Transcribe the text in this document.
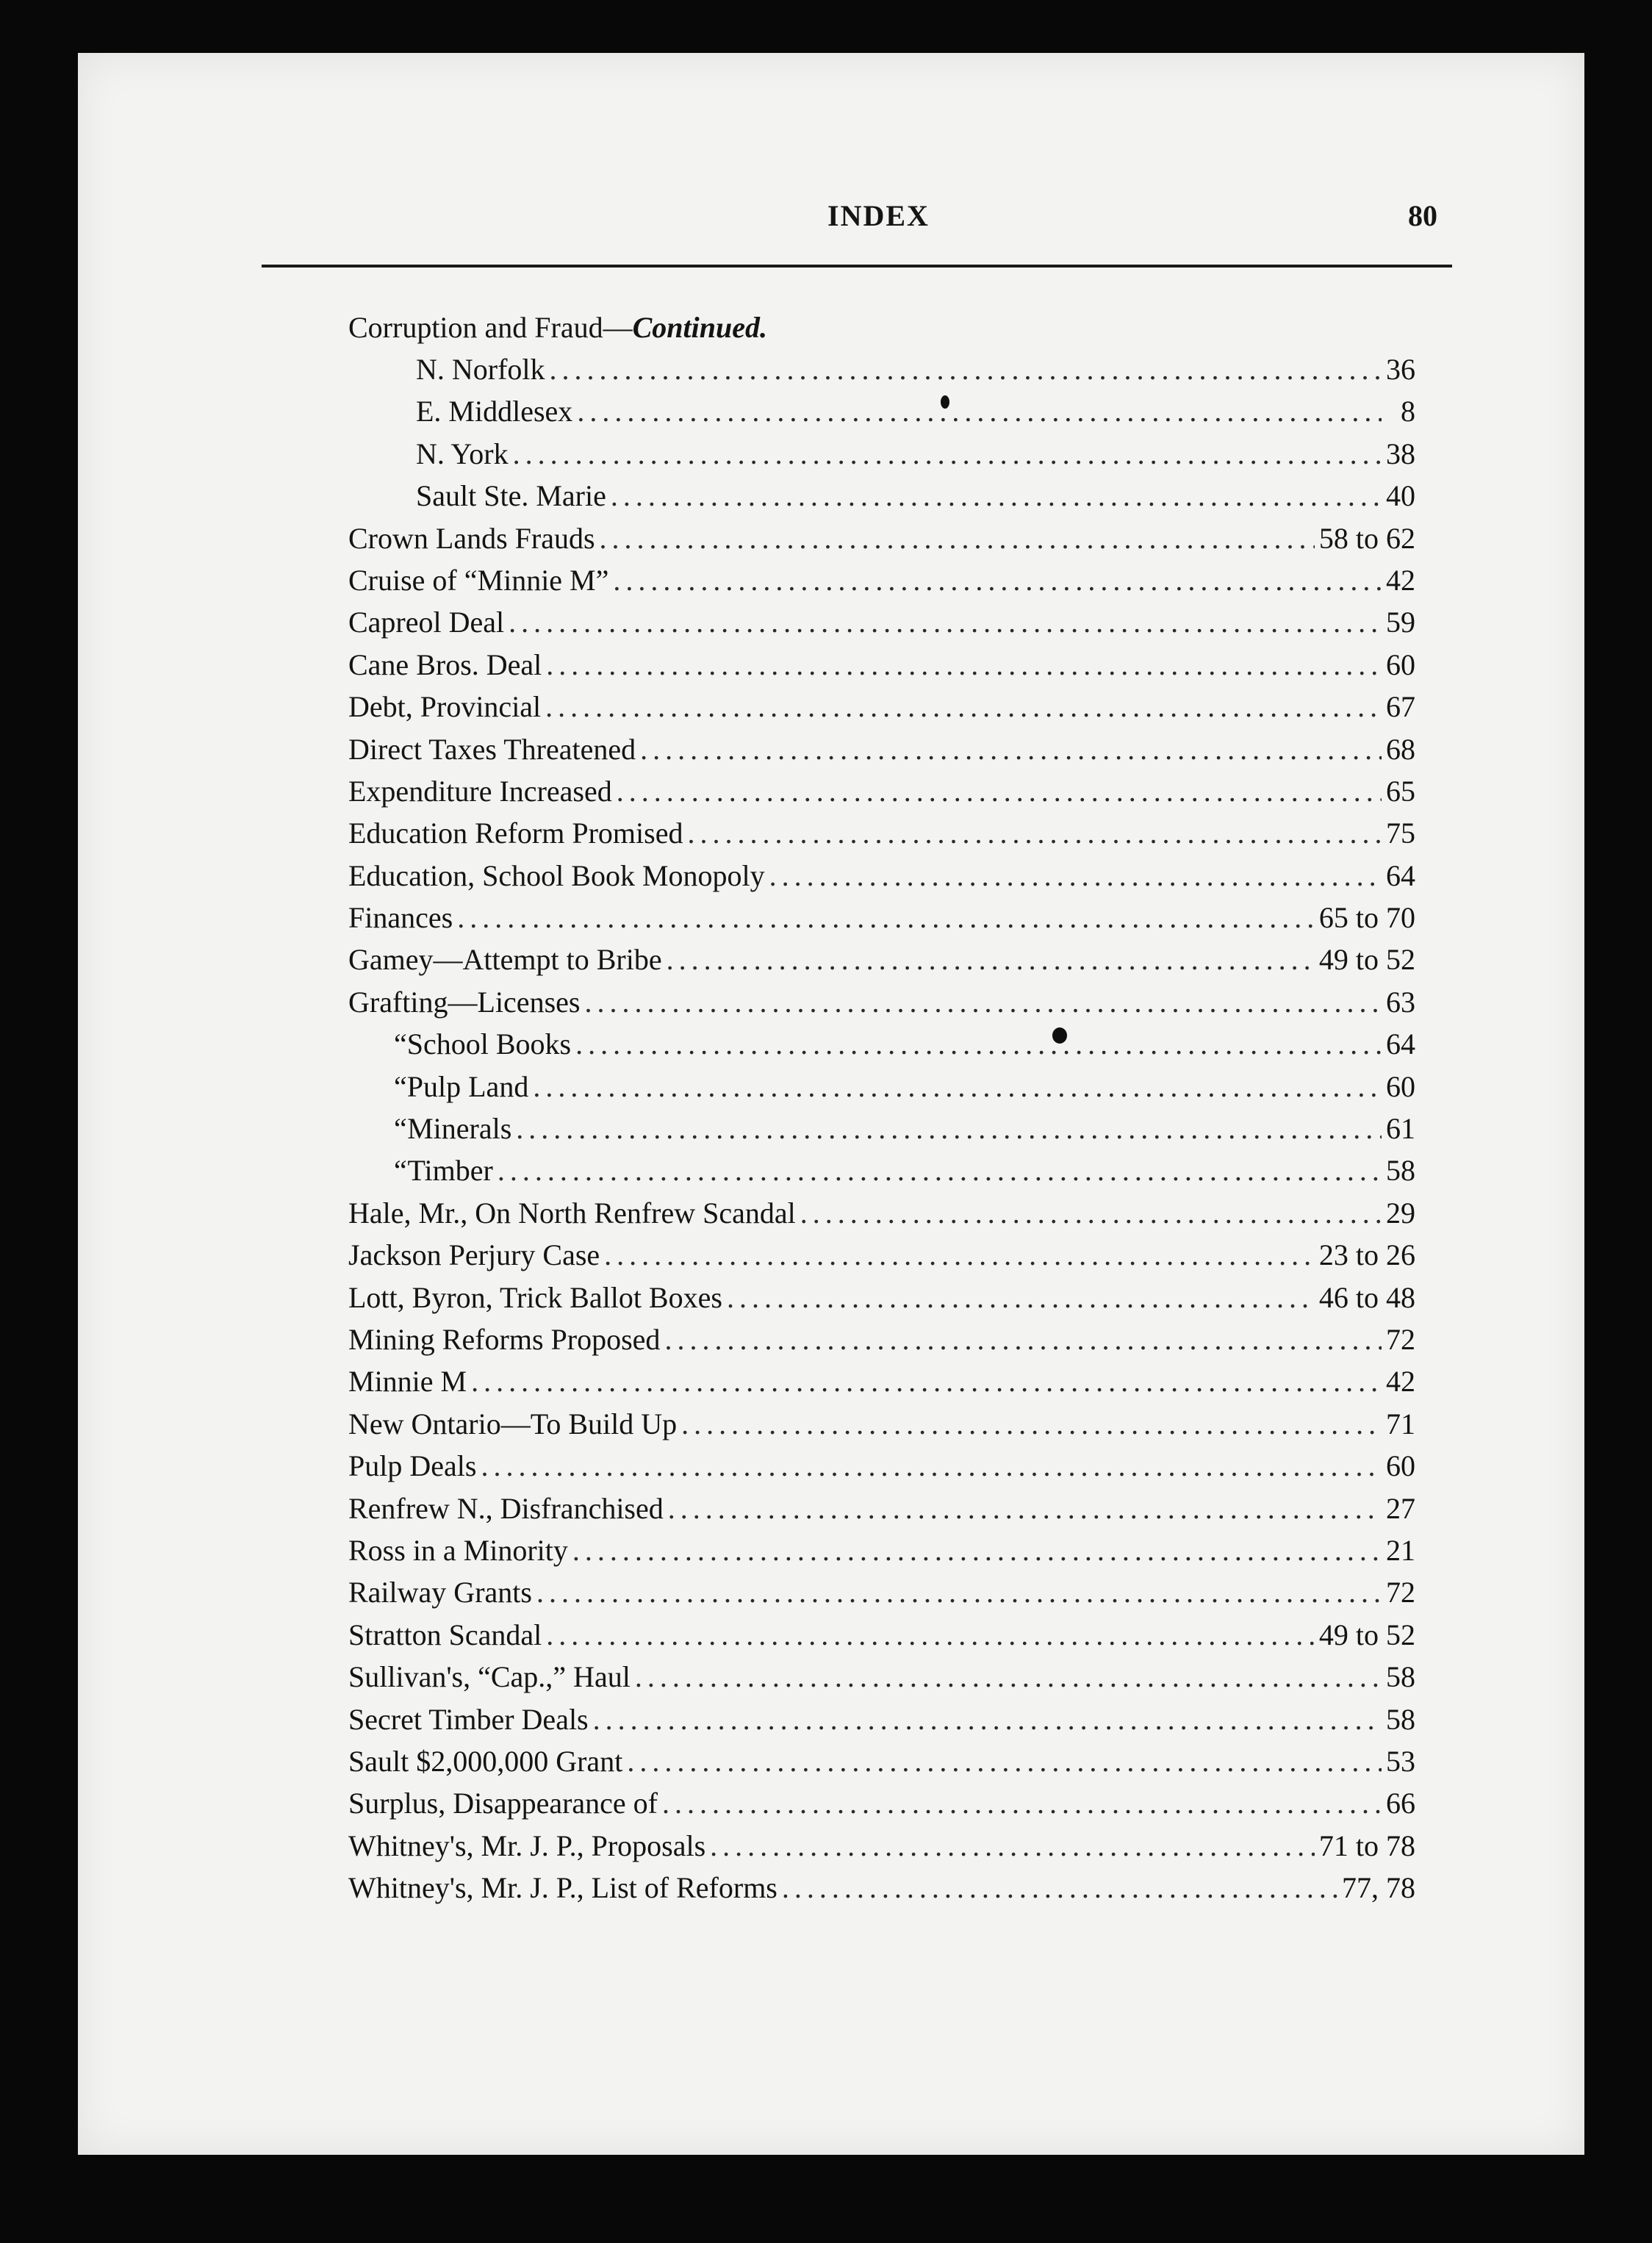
INDEX	80
Corruption and Fraud—Continued.
N. Norfolk .....	36
E. Middlesex .....	8
N. York .....	38
Sault Ste. Marie .....	40
Crown Lands Frauds .....	58 to 62
Cruise of “Minnie M” .....	42
Capreol Deal .....	59
Cane Bros. Deal .....	60
Debt, Provincial .....	67
Direct Taxes Threatened .....	68
Expenditure Increased .....	65
Education Reform Promised .....	75
Education, School Book Monopoly .....	64
Finances .....	65 to 70
Gamey—Attempt to Bribe .....	49 to 52
Grafting—Licenses .....	63
“ School Books .....	64
“ Pulp Land .....	60
“ Minerals .....	61
“ Timber .....	58
Hale, Mr., On North Renfrew Scandal .....	29
Jackson Perjury Case .....	23 to 26
Lott, Byron, Trick Ballot Boxes .....	46 to 48
Mining Reforms Proposed .....	72
Minnie M .....	42
New Ontario—To Build Up .....	71
Pulp Deals .....	60
Renfrew N., Disfranchised .....	27
Ross in a Minority .....	21
Railway Grants .....	72
Stratton Scandal .....	49 to 52
Sullivan's, “Cap.,” Haul .....	58
Secret Timber Deals .....	58
Sault $2,000,000 Grant .....	53
Surplus, Disappearance of .....	66
Whitney's, Mr. J. P., Proposals .....	71 to 78
Whitney's, Mr. J. P., List of Reforms .....	77, 78
